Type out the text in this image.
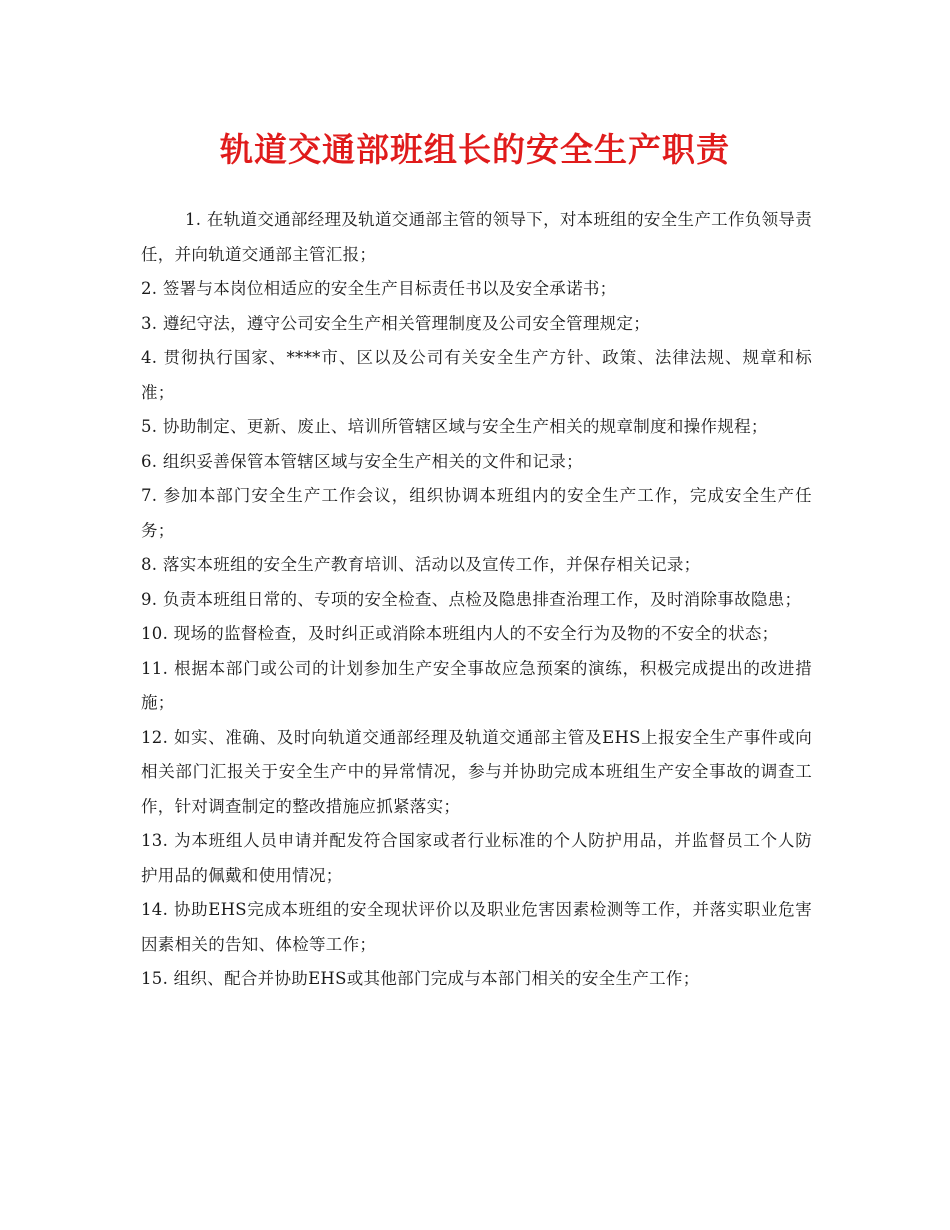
轨道交通部班组长的安全生产职责

1. 在轨道交通部经理及轨道交通部主管的领导下，对本班组的安全生产工作负领导责任，并向轨道交通部主管汇报；

2. 签署与本岗位相适应的安全生产目标责任书以及安全承诺书；

3. 遵纪守法，遵守公司安全生产相关管理制度及公司安全管理规定；

4. 贯彻执行国家、****市、区以及公司有关安全生产方针、政策、法律法规、规章和标准；

5. 协助制定、更新、废止、培训所管辖区域与安全生产相关的规章制度和操作规程；

6. 组织妥善保管本管辖区域与安全生产相关的文件和记录；

7. 参加本部门安全生产工作会议，组织协调本班组内的安全生产工作，完成安全生产任务；

8. 落实本班组的安全生产教育培训、活动以及宣传工作，并保存相关记录；

9. 负责本班组日常的、专项的安全检查、点检及隐患排查治理工作，及时消除事故隐患；

10. 现场的监督检查，及时纠正或消除本班组内人的不安全行为及物的不安全的状态；

11. 根据本部门或公司的计划参加生产安全事故应急预案的演练，积极完成提出的改进措施；

12. 如实、准确、及时向轨道交通部经理及轨道交通部主管及EHS上报安全生产事件或向相关部门汇报关于安全生产中的异常情况，参与并协助完成本班组生产安全事故的调查工作，针对调查制定的整改措施应抓紧落实；

13. 为本班组人员申请并配发符合国家或者行业标准的个人防护用品，并监督员工个人防护用品的佩戴和使用情况；

14. 协助EHS完成本班组的安全现状评价以及职业危害因素检测等工作，并落实职业危害因素相关的告知、体检等工作；

15. 组织、配合并协助EHS或其他部门完成与本部门相关的安全生产工作；
